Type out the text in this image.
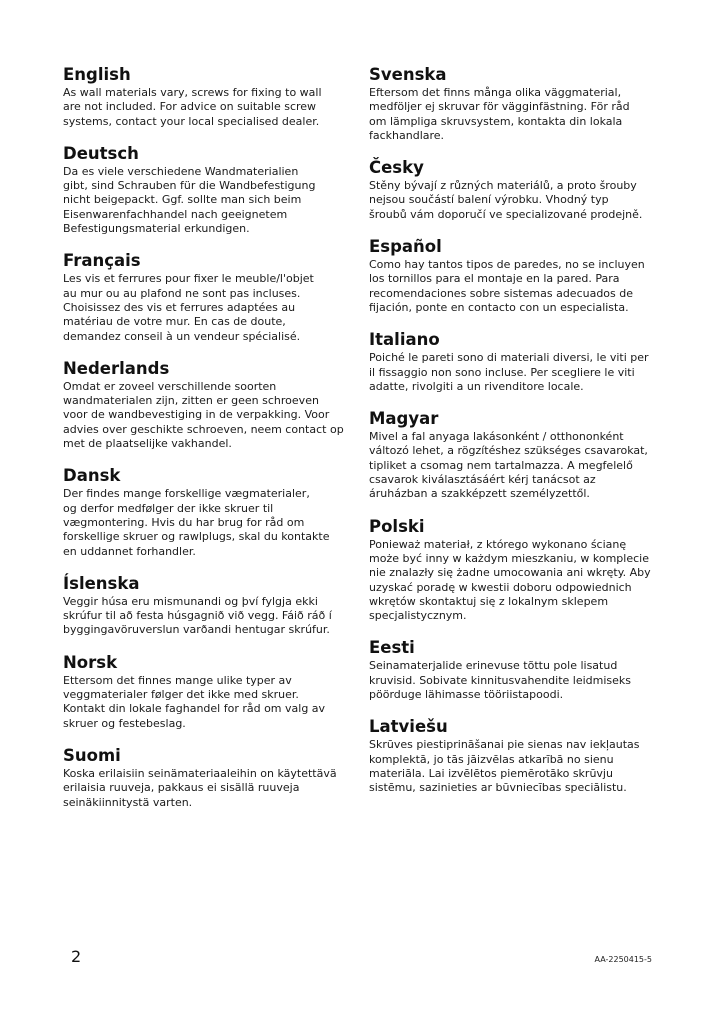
English

As wall materials vary, screws for fixing to wall
are not included. For advice on suitable screw
systems, contact your local specialised dealer.

Deutsch

Da es viele verschiedene Wandmaterialien
gibt, sind Schrauben für die Wandbefestigung
nicht beigepackt. Ggf. sollte man sich beim
Eisenwarenfachhandel nach geeignetem
Befestigungsmaterial erkundigen.

Français

Les vis et ferrures pour fixer le meuble/l'objet
au mur ou au plafond ne sont pas incluses.
Choisissez des vis et ferrures adaptées au
matériau de votre mur. En cas de doute,
demandez conseil à un vendeur spécialisé.

Nederlands

Omdat er zoveel verschillende soorten
wandmaterialen zijn, zitten er geen schroeven
voor de wandbevestiging in de verpakking. Voor
advies over geschikte schroeven, neem contact op
met de plaatselijke vakhandel.

Dansk

Der findes mange forskellige vægmaterialer,
og derfor medfølger der ikke skruer til
vægmontering. Hvis du har brug for råd om
forskellige skruer og rawlplugs, skal du kontakte
en uddannet forhandler.

Íslenska

Veggir húsa eru mismunandi og því fylgja ekki
skrúfur til að festa húsgagnið við vegg. Fáið ráð í
byggingavöruverslun varðandi hentugar skrúfur.

Norsk

Ettersom det finnes mange ulike typer av
veggmaterialer følger det ikke med skruer.
Kontakt din lokale faghandel for råd om valg av
skruer og festebeslag.

Suomi

Koska erilaisiin seinämateriaaleihin on käytettävä
erilaisia ruuveja, pakkaus ei sisällä ruuveja
seinäkiinnitystä varten.

Svenska

Eftersom det finns många olika väggmaterial,
medföljer ej skruvar för vägginfästning. För råd
om lämpliga skruvsystem, kontakta din lokala
fackhandlare.

Česky

Stěny bývají z různých materiálů, a proto šrouby
nejsou součástí balení výrobku. Vhodný typ
šroubů vám doporučí ve specializované prodejně.

Español

Como hay tantos tipos de paredes, no se incluyen
los tornillos para el montaje en la pared. Para
recomendaciones sobre sistemas adecuados de
fijación, ponte en contacto con un especialista.

Italiano

Poiché le pareti sono di materiali diversi, le viti per
il fissaggio non sono incluse. Per scegliere le viti
adatte, rivolgiti a un rivenditore locale.

Magyar

Mivel a fal anyaga lakásonként / otthononként
változó lehet, a rögzítéshez szükséges csavarokat,
tipliket a csomag nem tartalmazza. A megfelelő
csavarok kiválasztásáért kérj tanácsot az
áruházban a szakképzett személyzettől.

Polski

Ponieważ materiał, z którego wykonano ścianę
może być inny w każdym mieszkaniu, w komplecie
nie znalazły się żadne umocowania ani wkręty. Aby
uzyskać poradę w kwestii doboru odpowiednich
wkrętów skontaktuj się z lokalnym sklepem
specjalistycznym.

Eesti

Seinamaterjalide erinevuse tõttu pole lisatud
kruvisid. Sobivate kinnitusvahendite leidmiseks
pöörduge lähimasse tööriistapoodi.

Latviešu

Skrūves piestiprināšanai pie sienas nav iekļautas
komplektā, jo tās jāizvēlas atkarībā no sienu
materiāla. Lai izvēlētos piemērotāko skrūvju
sistēmu, sazinieties ar būvniecības speciālistu.

2	AA-2250415-5
